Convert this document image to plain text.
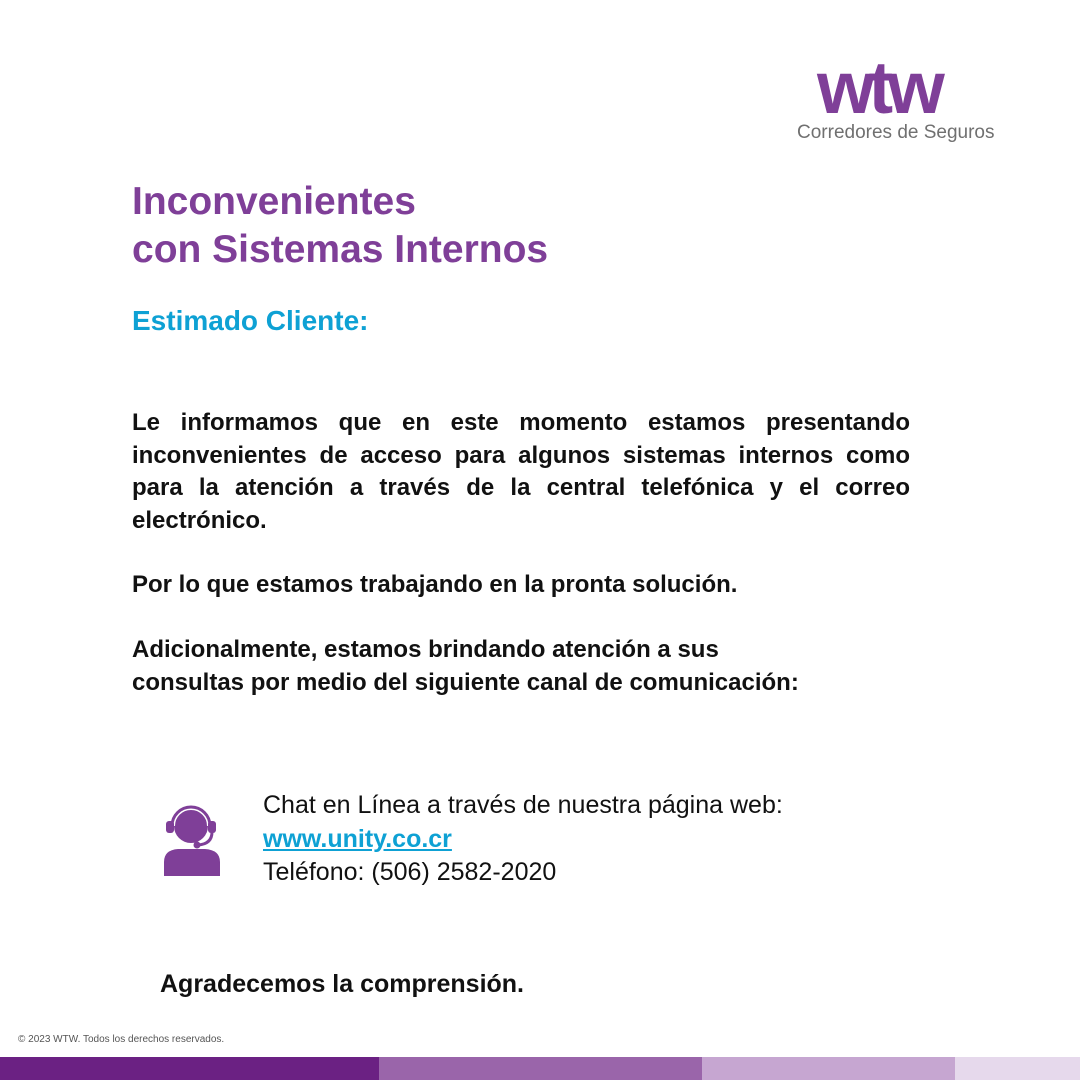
wtw
Corredores de Seguros
Inconvenientes
con Sistemas Internos
Estimado Cliente:

Le informamos que en este momento estamos presentando inconvenientes de acceso para algunos sistemas internos como para la atención a través de la central telefónica y el correo electrónico.

Por lo que estamos trabajando en la pronta solución.

Adicionalmente, estamos brindando atención a sus
consultas por medio del siguiente canal de comunicación:

Chat en Línea a través de nuestra página web:
www.unity.co.cr
Teléfono: (506) 2582-2020

Agradecemos la comprensión.

© 2023 WTW. Todos los derechos reservados.
